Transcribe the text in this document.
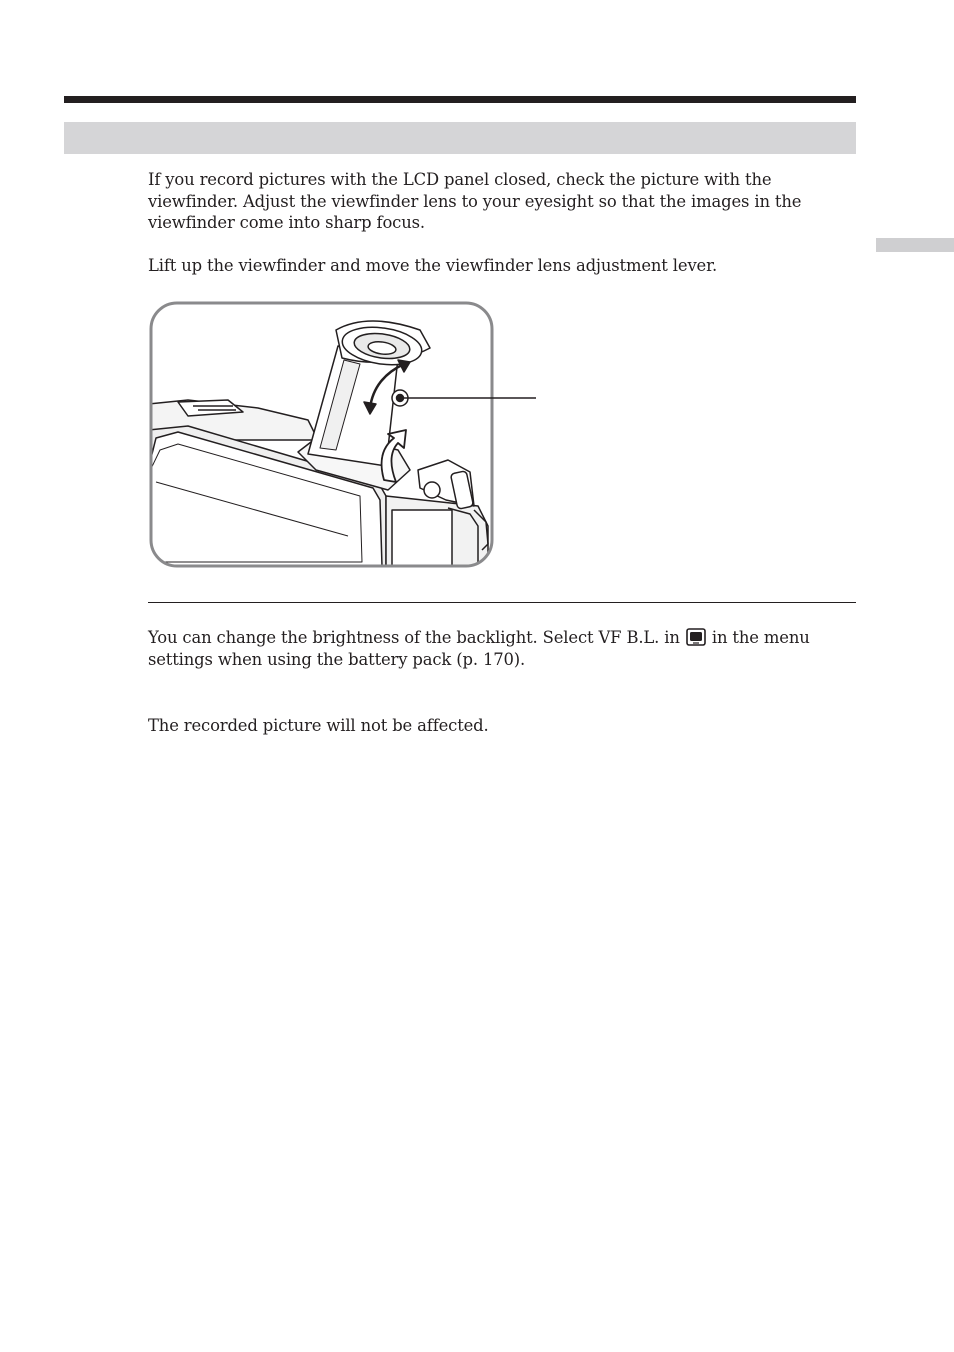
If you record pictures with the LCD panel closed, check the picture with the viewfinder. Adjust the viewfinder lens to your eyesight so that the images in the viewfinder come into sharp focus.

Lift up the viewfinder and move the viewfinder lens adjustment lever.

You can change the brightness of the backlight. Select VF B.L. in in the menu settings when using the battery pack (p. 170).

The recorded picture will not be affected.
